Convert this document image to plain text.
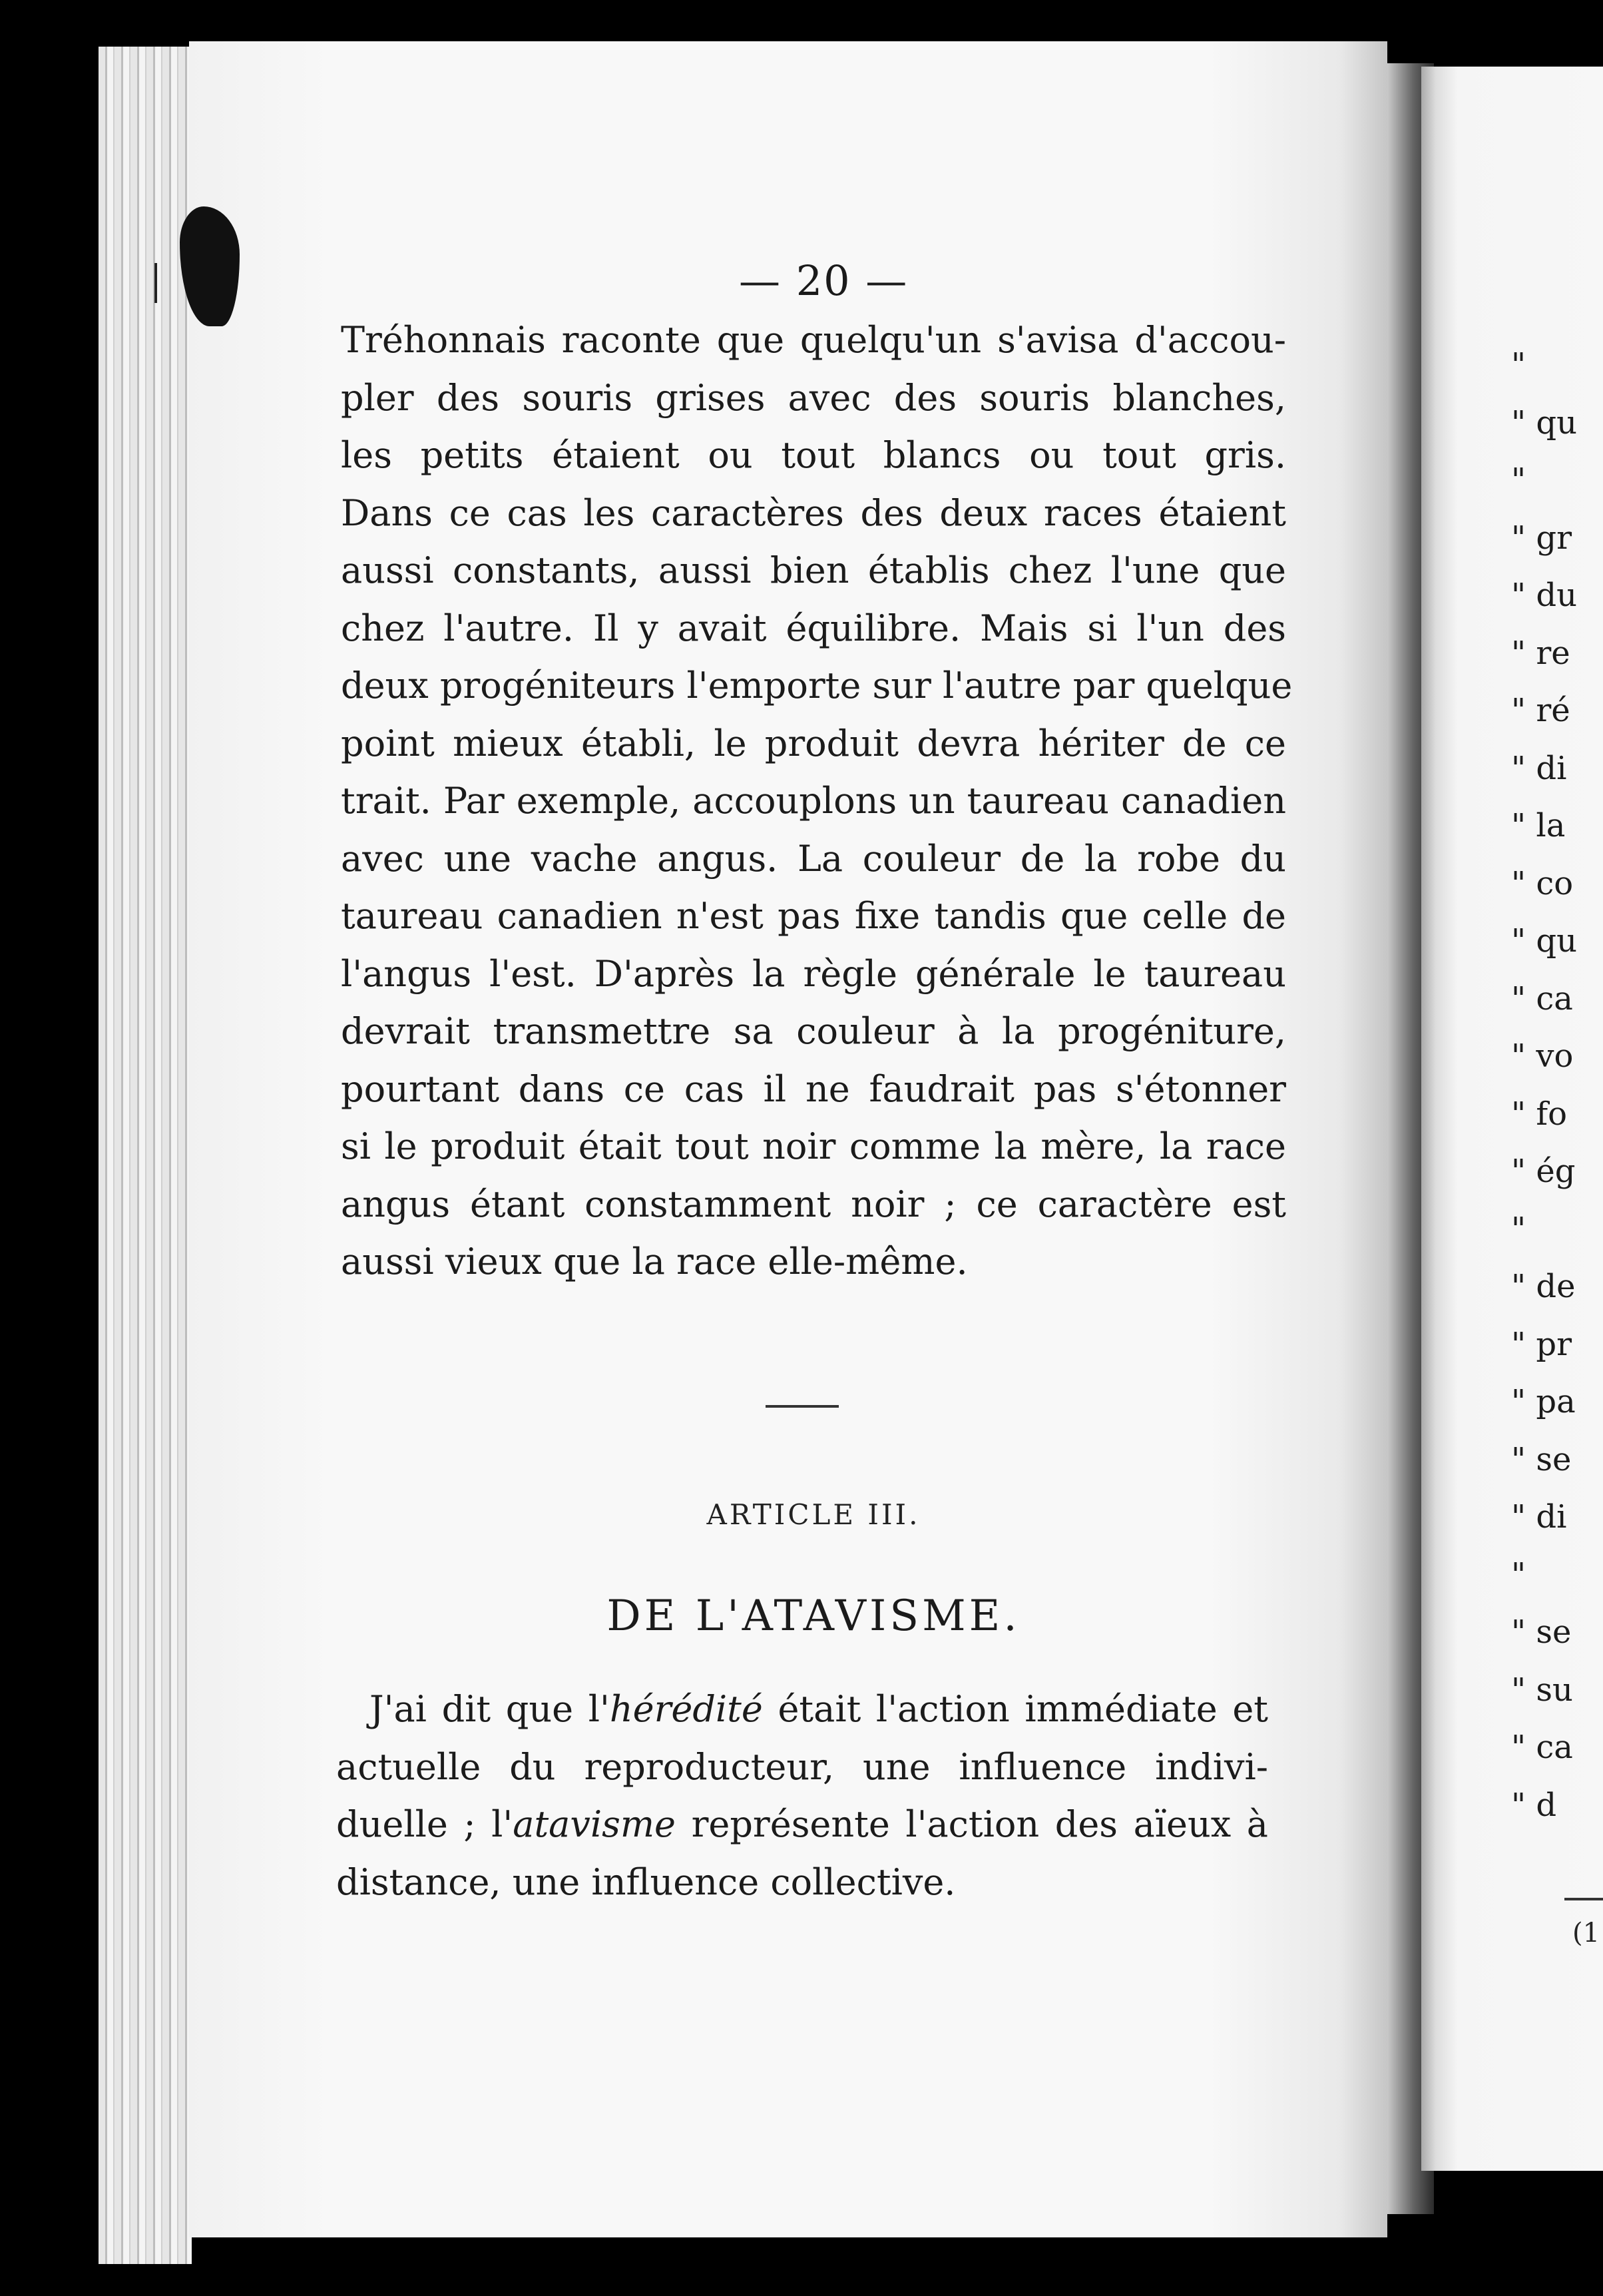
— 20 —
Tréhonnais raconte que quelqu'un s'avisa d'accou-
pler des souris grises avec des souris blanches,
les petits étaient ou tout blancs ou tout gris.
Dans ce cas les caractères des deux races étaient
aussi constants, aussi bien établis chez l'une que
chez l'autre. Il y avait équilibre. Mais si l'un des
deux progéniteurs l'emporte sur l'autre par quelque
point mieux établi, le produit devra hériter de ce
trait. Par exemple, accouplons un taureau canadien
avec une vache angus. La couleur de la robe du
taureau canadien n'est pas fixe tandis que celle de
l'angus l'est. D'après la règle générale le taureau
devrait transmettre sa couleur à la progéniture,
pourtant dans ce cas il ne faudrait pas s'étonner
si le produit était tout noir comme la mère, la race
angus étant constamment noir ; ce caractère est
aussi vieux que la race elle-même.
ARTICLE III.
DE L'ATAVISME.
J'ai dit que l'hérédité était l'action immédiate et
actuelle du reproducteur, une influence indivi-
duelle ; l'atavisme représente l'action des aïeux à
distance, une influence collective.
"
" qu
"
" gr
" du
" re
" ré
" di
" la
" co
" qu
" ca
" vo
" fo
" ég
"
" de
" pr
" pa
" se
" di
"
" se
" su
" ca
" d
(1
